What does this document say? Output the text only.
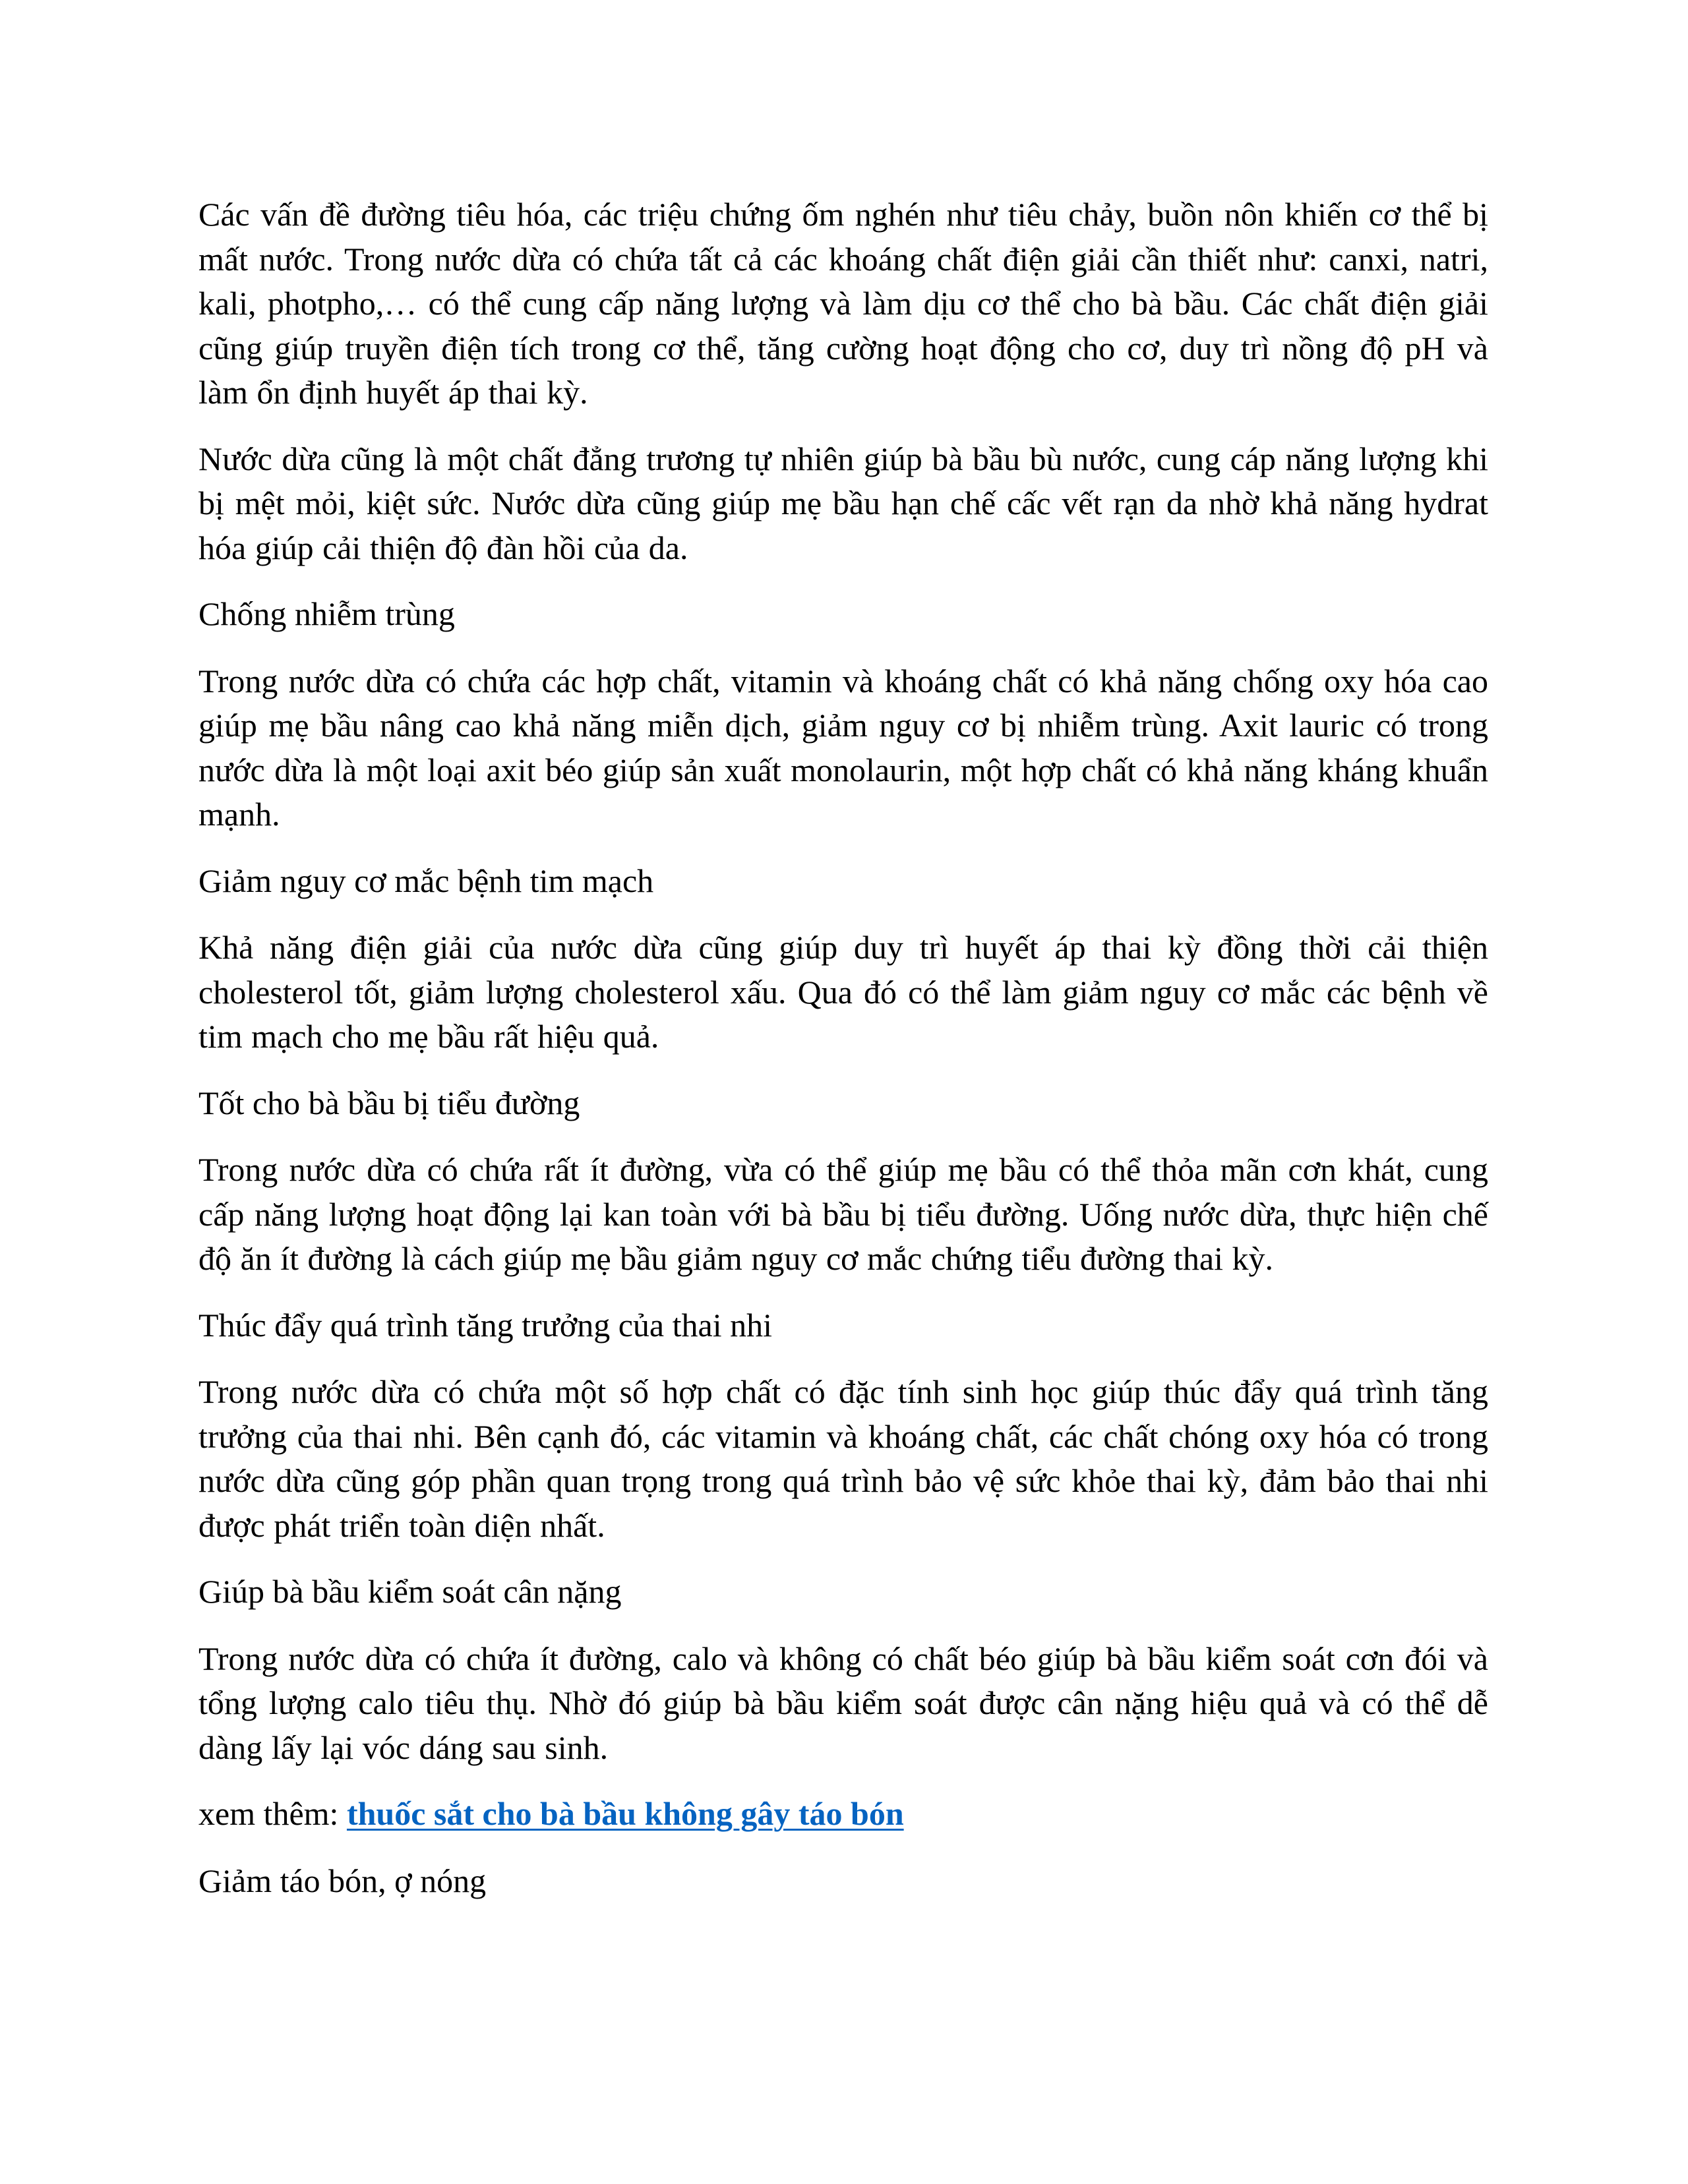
Các vấn đề đường tiêu hóa, các triệu chứng ốm nghén như tiêu chảy, buồn nôn khiến cơ thể bị mất nước. Trong nước dừa có chứa tất cả các khoáng chất điện giải cần thiết như: canxi, natri, kali, photpho,… có thể cung cấp năng lượng và làm dịu cơ thể cho bà bầu. Các chất điện giải cũng giúp truyền điện tích trong cơ thể, tăng cường hoạt động cho cơ, duy trì nồng độ pH và làm ổn định huyết áp thai kỳ.

Nước dừa cũng là một chất đẳng trương tự nhiên giúp bà bầu bù nước, cung cáp năng lượng khi bị mệt mỏi, kiệt sức. Nước dừa cũng giúp mẹ bầu hạn chế cấc vết rạn da nhờ khả năng hydrat hóa giúp cải thiện độ đàn hồi của da.

Chống nhiễm trùng

Trong nước dừa có chứa các hợp chất, vitamin và khoáng chất có khả năng chống oxy hóa cao giúp mẹ bầu nâng cao khả năng miễn dịch, giảm nguy cơ bị nhiễm trùng. Axit lauric có trong nước dừa là một loại axit béo giúp sản xuất monolaurin, một hợp chất có khả năng kháng khuẩn mạnh.

Giảm nguy cơ mắc bệnh tim mạch

Khả năng điện giải của nước dừa cũng giúp duy trì huyết áp thai kỳ đồng thời cải thiện cholesterol tốt, giảm lượng cholesterol xấu. Qua đó có thể làm giảm nguy cơ mắc các bệnh về tim mạch cho mẹ bầu rất hiệu quả.

Tốt cho bà bầu bị tiểu đường

Trong nước dừa có chứa rất ít đường, vừa có thể giúp mẹ bầu có thể thỏa mãn cơn khát, cung cấp năng lượng hoạt động lại kan toàn với bà bầu bị tiểu đường. Uống nước dừa, thực hiện chế độ ăn ít đường là cách giúp mẹ bầu giảm nguy cơ mắc chứng tiểu đường thai kỳ.

Thúc đẩy quá trình tăng trưởng của thai nhi

Trong nước dừa có chứa một số hợp chất có đặc tính sinh học giúp thúc đẩy quá trình tăng trưởng của thai nhi. Bên cạnh đó, các vitamin và khoáng chất, các chất chóng oxy hóa có trong nước dừa cũng góp phần quan trọng trong quá trình bảo vệ sức khỏe thai kỳ, đảm bảo thai nhi được phát triển toàn diện nhất.

Giúp bà bầu kiểm soát cân nặng

Trong nước dừa có chứa ít đường, calo và không có chất béo giúp bà bầu kiểm soát cơn đói và tổng lượng calo tiêu thụ. Nhờ đó giúp bà bầu kiểm soát được cân nặng hiệu quả và có thể dễ dàng lấy lại vóc dáng sau sinh.

xem thêm: thuốc sắt cho bà bầu không gây táo bón

Giảm táo bón, ợ nóng
